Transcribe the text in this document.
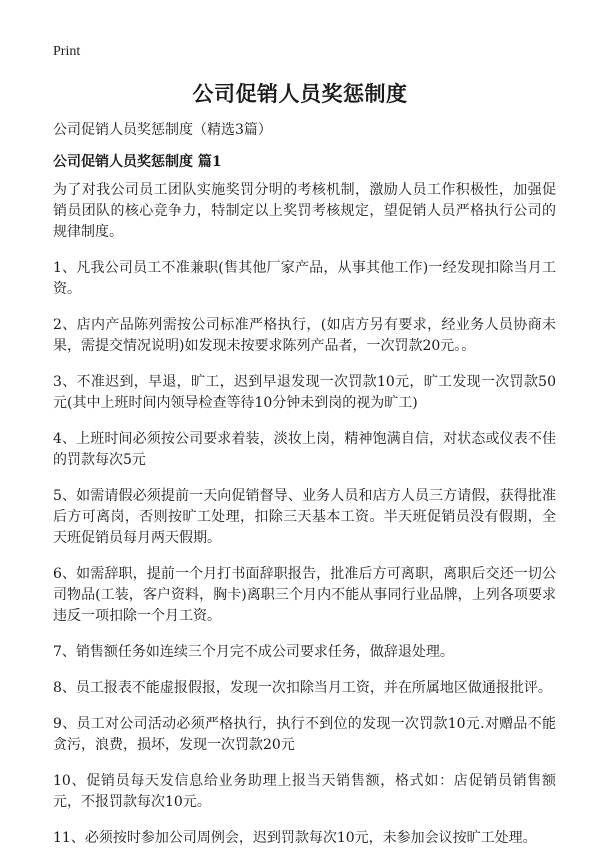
Print
公司促销人员奖惩制度
公司促销人员奖惩制度（精选3篇）
公司促销人员奖惩制度 篇1

为了对我公司员工团队实施奖罚分明的考核机制，激励人员工作积极性，加强促销员团队的核心竞争力，特制定以上奖罚考核规定，望促销人员严格执行公司的规律制度。

1、凡我公司员工不准兼职(售其他厂家产品，从事其他工作)一经发现扣除当月工资。

2、店内产品陈列需按公司标准严格执行，(如店方另有要求，经业务人员协商未果，需提交情况说明)如发现未按要求陈列产品者，一次罚款20元。。

3、不准迟到，早退，旷工，迟到早退发现一次罚款10元，旷工发现一次罚款50元(其中上班时间内领导检查等待10分钟未到岗的视为旷工)

4、上班时间必须按公司要求着装，淡妆上岗，精神饱满自信，对状态或仪表不佳的罚款每次5元

5、如需请假必须提前一天向促销督导、业务人员和店方人员三方请假，获得批准后方可离岗，否则按旷工处理，扣除三天基本工资。半天班促销员没有假期，全天班促销员每月两天假期。

6、如需辞职，提前一个月打书面辞职报告，批准后方可离职，离职后交还一切公司物品(工装，客户资料，胸卡)离职三个月内不能从事同行业品牌，上列各项要求违反一项扣除一个月工资。

7、销售额任务如连续三个月完不成公司要求任务，做辞退处理。

8、员工报表不能虚报假报，发现一次扣除当月工资，并在所属地区做通报批评。

9、员工对公司活动必须严格执行，执行不到位的发现一次罚款10元.对赠品不能贪污，浪费，损坏，发现一次罚款20元

10、促销员每天发信息给业务助理上报当天销售额，格式如：店促销员销售额元，不报罚款每次10元。

11、必须按时参加公司周例会，迟到罚款每次10元，未参加会议按旷工处理。
